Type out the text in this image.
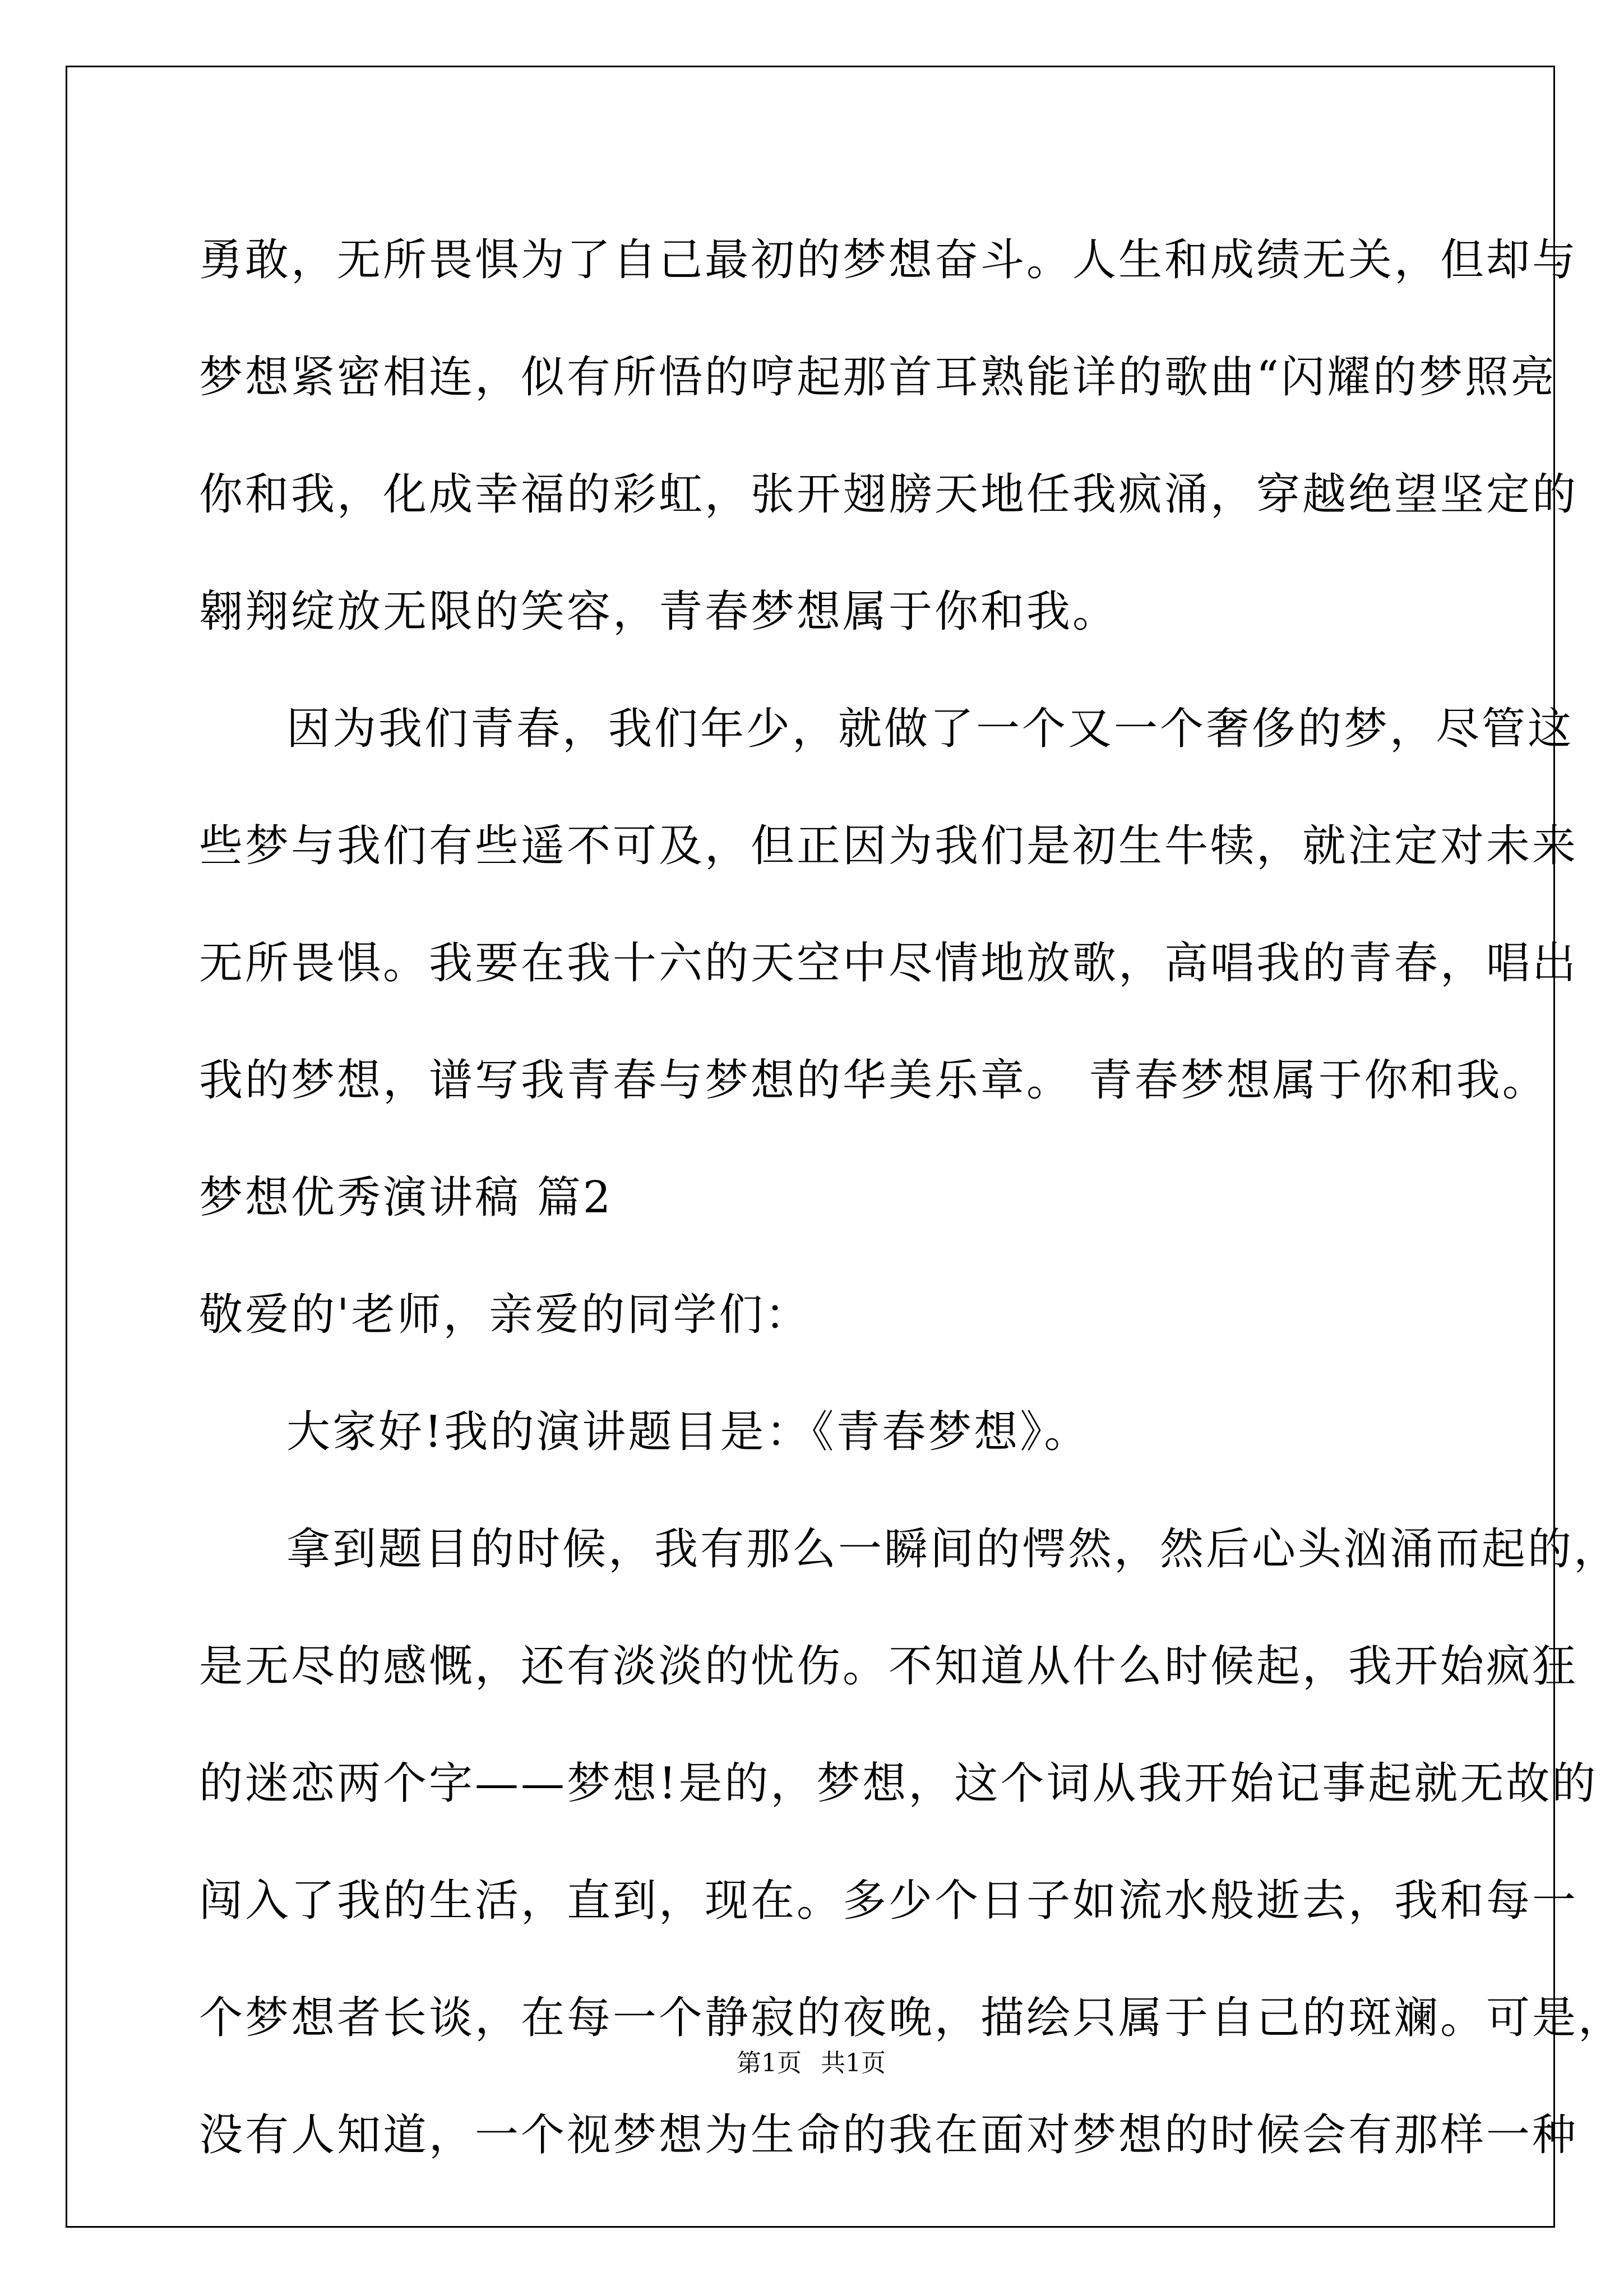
勇敢，无所畏惧为了自己最初的梦想奋斗。人生和成绩无关，但却与
梦想紧密相连，似有所悟的哼起那首耳熟能详的歌曲“闪耀的梦照亮
你和我，化成幸福的彩虹，张开翅膀天地任我疯涌，穿越绝望坚定的
翱翔绽放无限的笑容，青春梦想属于你和我。
因为我们青春，我们年少，就做了一个又一个奢侈的梦，尽管这
些梦与我们有些遥不可及，但正因为我们是初生牛犊，就注定对未来
无所畏惧。我要在我十六的天空中尽情地放歌，高唱我的青春，唱出
我的梦想，谱写我青春与梦想的华美乐章。 青春梦想属于你和我。
梦想优秀演讲稿 篇2
敬爱的'老师，亲爱的同学们：
大家好!我的演讲题目是：《青春梦想》。
拿到题目的时候，我有那么一瞬间的愕然，然后心头汹涌而起的，
是无尽的感慨，还有淡淡的忧伤。不知道从什么时候起，我开始疯狂
的迷恋两个字——梦想!是的，梦想，这个词从我开始记事起就无故的
闯入了我的生活，直到，现在。多少个日子如流水般逝去，我和每一
个梦想者长谈，在每一个静寂的夜晚，描绘只属于自己的斑斓。可是，
没有人知道，一个视梦想为生命的我在面对梦想的时候会有那样一种
第1页 共1页
